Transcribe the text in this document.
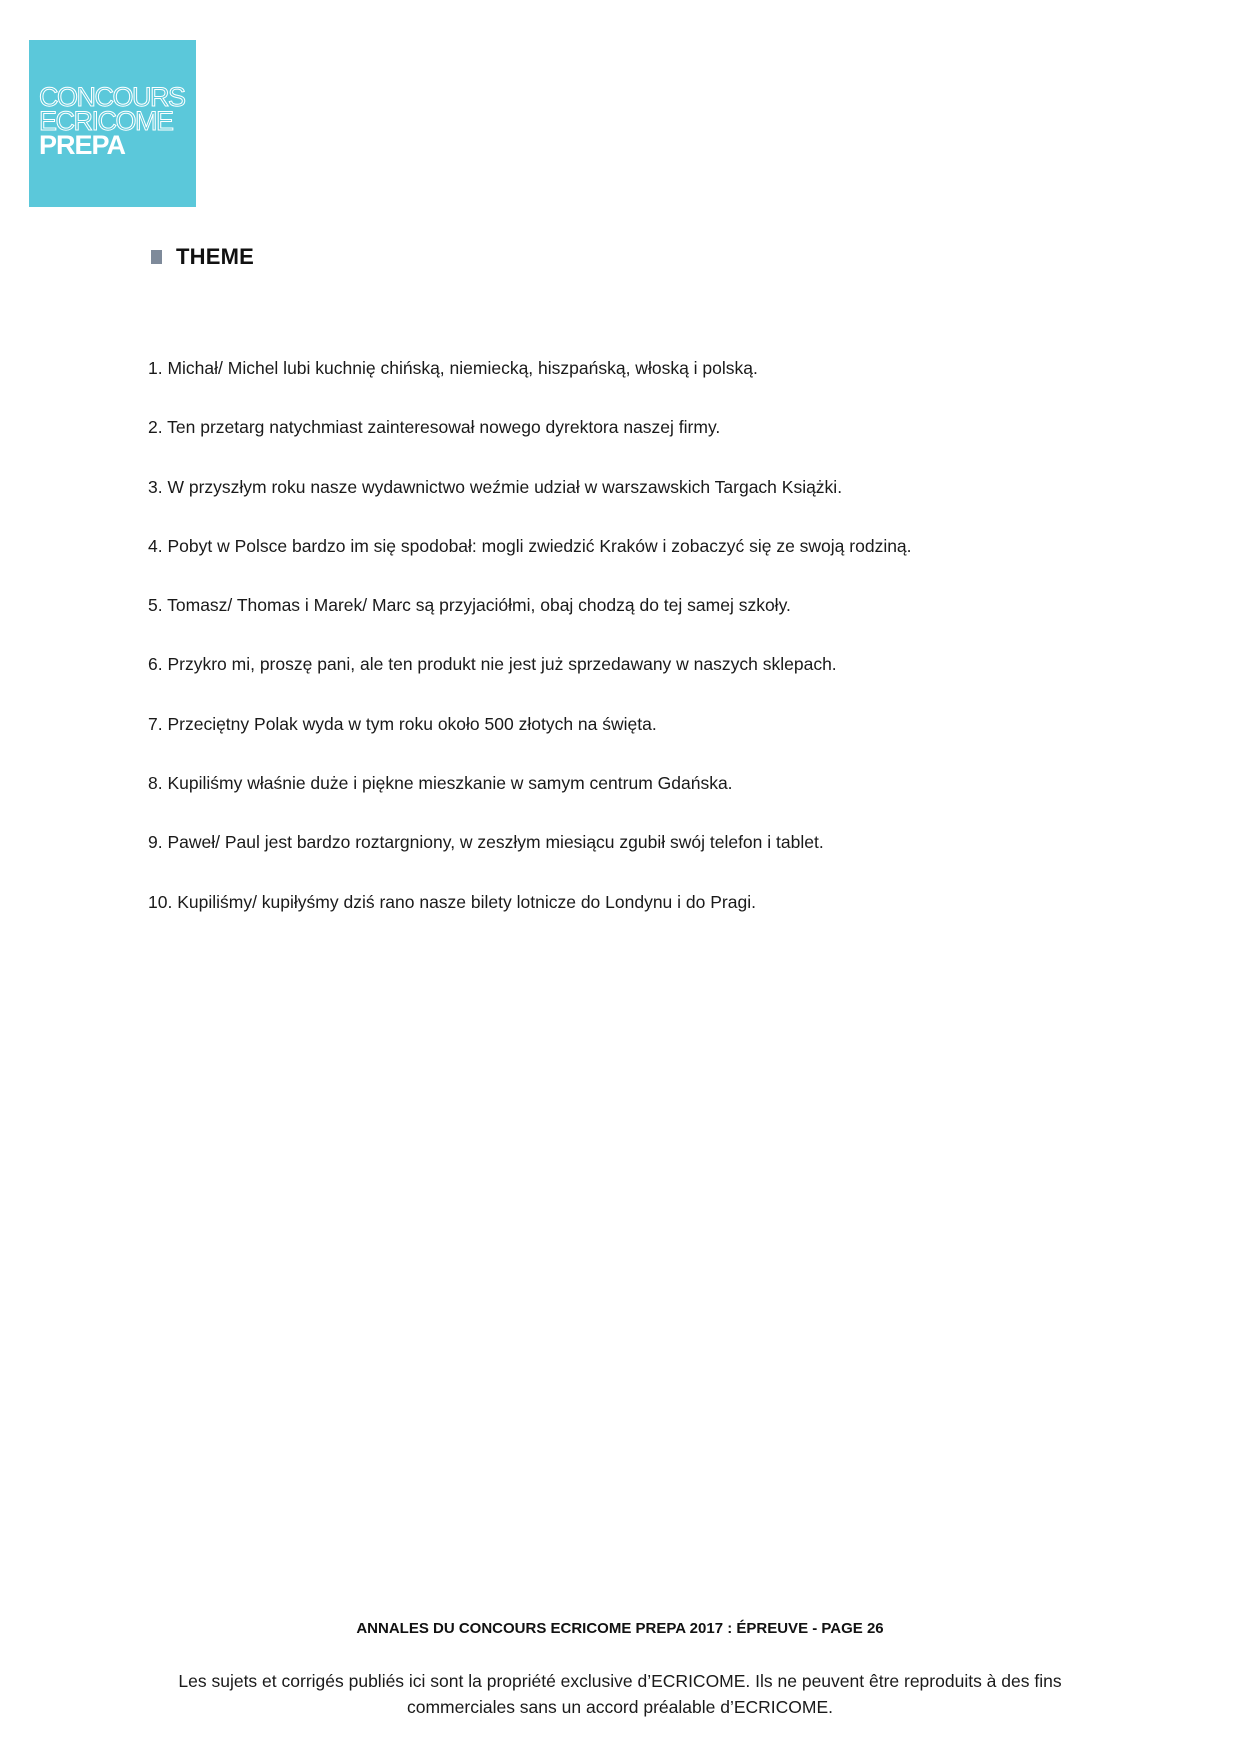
CONCOURS
ECRICOME
PREPA
THEME
1. Michał/ Michel lubi kuchnię chińską, niemiecką, hiszpańską, włoską i polską.
2. Ten przetarg natychmiast zainteresował nowego dyrektora naszej firmy.
3. W przyszłym roku nasze wydawnictwo weźmie udział w warszawskich Targach Książki.
4. Pobyt w Polsce bardzo im się spodobał: mogli zwiedzić Kraków i zobaczyć się ze swoją rodziną.
5. Tomasz/ Thomas i Marek/ Marc są przyjaciółmi, obaj chodzą do tej samej szkoły.
6. Przykro mi, proszę pani, ale ten produkt nie jest już sprzedawany w naszych sklepach.
7. Przeciętny Polak wyda w tym roku około 500 złotych na święta.
8. Kupiliśmy właśnie duże i piękne mieszkanie w samym centrum Gdańska.
9. Paweł/ Paul jest bardzo roztargniony, w zeszłym miesiącu zgubił swój telefon i tablet.
10. Kupiliśmy/ kupiłyśmy dziś rano nasze bilety lotnicze do Londynu i do Pragi.
ANNALES DU CONCOURS ECRICOME PREPA 2017 : ÉPREUVE - PAGE 26
Les sujets et corrigés publiés ici sont la propriété exclusive d’ECRICOME. Ils ne peuvent être reproduits à des fins commerciales sans un accord préalable d’ECRICOME.
